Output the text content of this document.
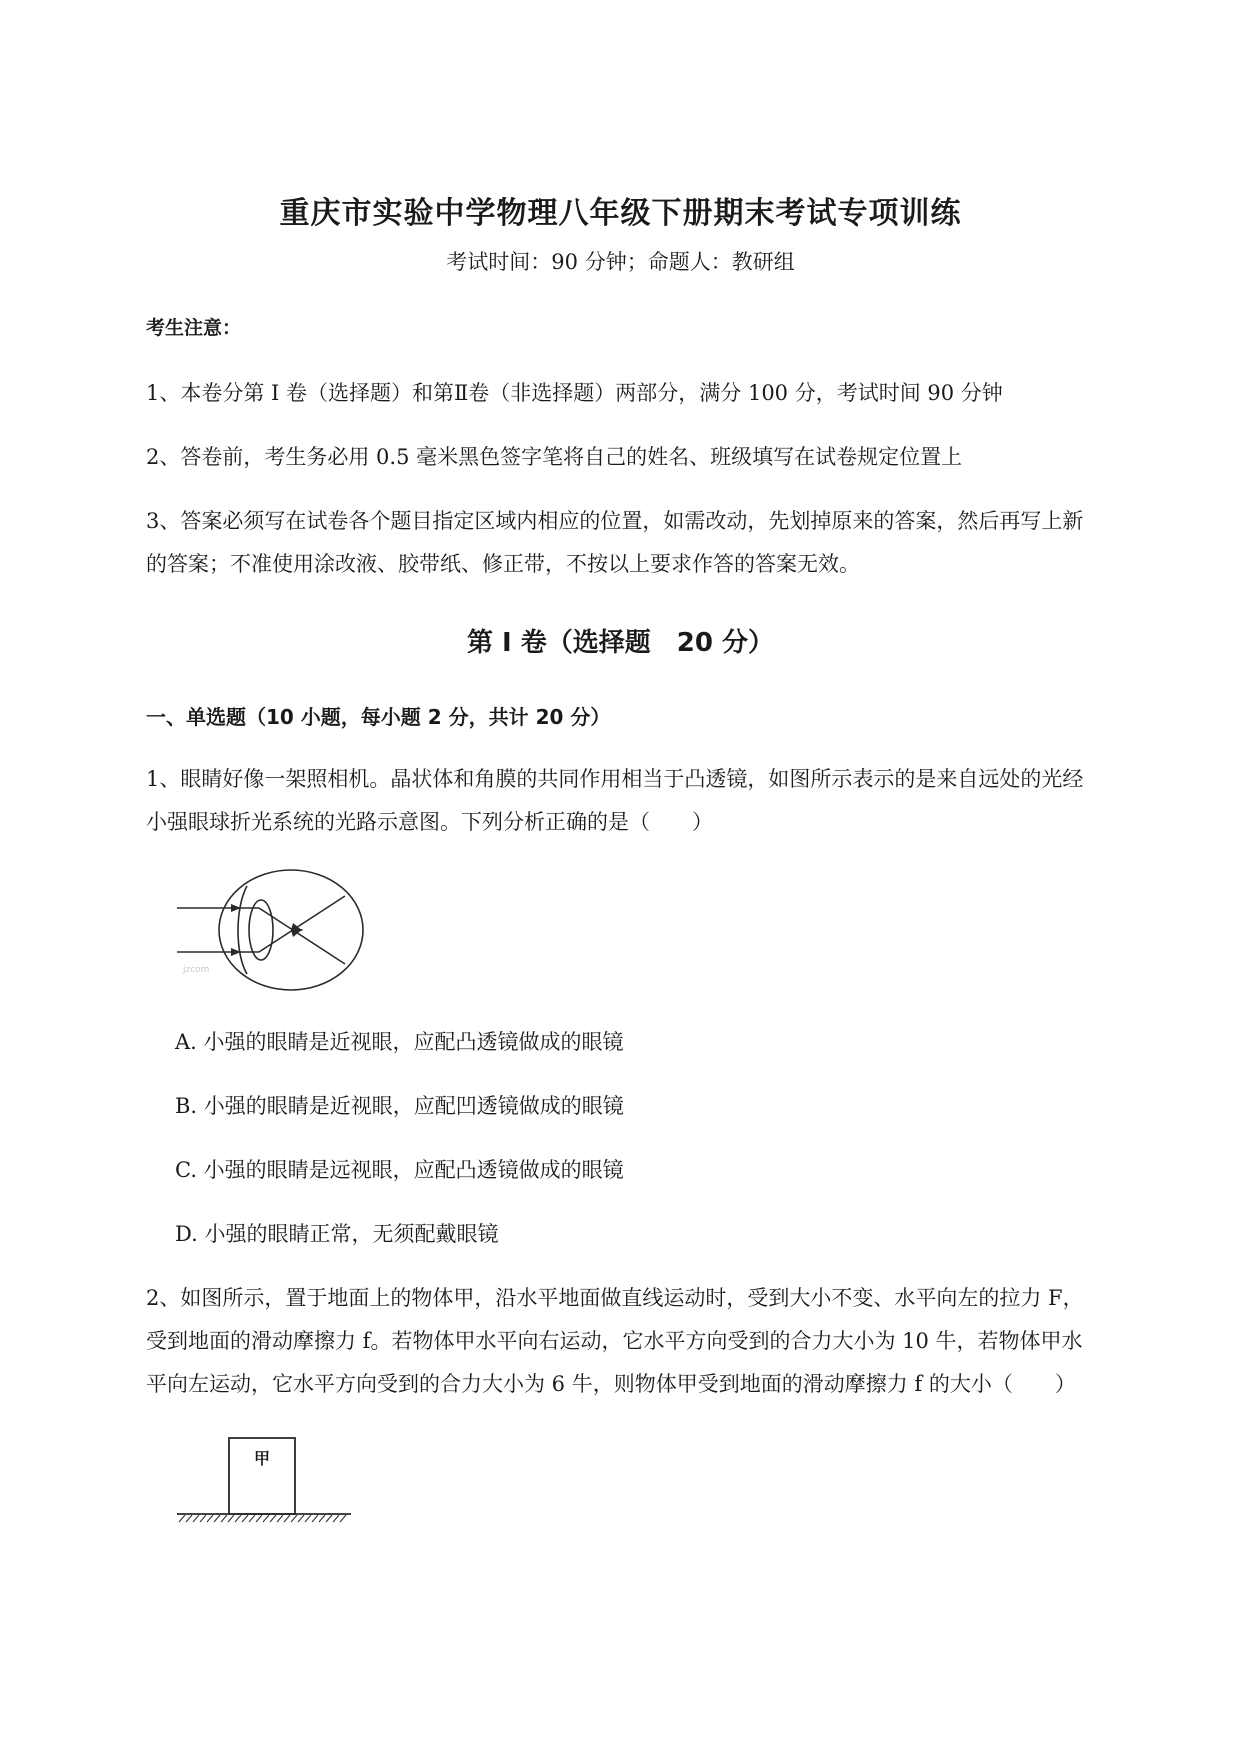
重庆市实验中学物理八年级下册期末考试专项训练
考试时间：90 分钟；命题人：教研组
考生注意：
1、本卷分第 I 卷（选择题）和第Ⅱ卷（非选择题）两部分，满分 100 分，考试时间 90 分钟
2、答卷前，考生务必用 0.5 毫米黑色签字笔将自己的姓名、班级填写在试卷规定位置上
3、答案必须写在试卷各个题目指定区域内相应的位置，如需改动，先划掉原来的答案，然后再写上新
的答案；不准使用涂改液、胶带纸、修正带，不按以上要求作答的答案无效。
第 I 卷（选择题　20 分）
一、单选题（10 小题，每小题 2 分，共计 20 分）
1、眼睛好像一架照相机。晶状体和角膜的共同作用相当于凸透镜，如图所示表示的是来自远处的光经
小强眼球折光系统的光路示意图。下列分析正确的是（　　）
jzcom
A. 小强的眼睛是近视眼，应配凸透镜做成的眼镜
B. 小强的眼睛是近视眼，应配凹透镜做成的眼镜
C. 小强的眼睛是远视眼，应配凸透镜做成的眼镜
D. 小强的眼睛正常，无须配戴眼镜
2、如图所示，置于地面上的物体甲，沿水平地面做直线运动时，受到大小不变、水平向左的拉力 F，
受到地面的滑动摩擦力 f。若物体甲水平向右运动，它水平方向受到的合力大小为 10 牛，若物体甲水
平向左运动，它水平方向受到的合力大小为 6 牛，则物体甲受到地面的滑动摩擦力 f 的大小（　　）
甲
